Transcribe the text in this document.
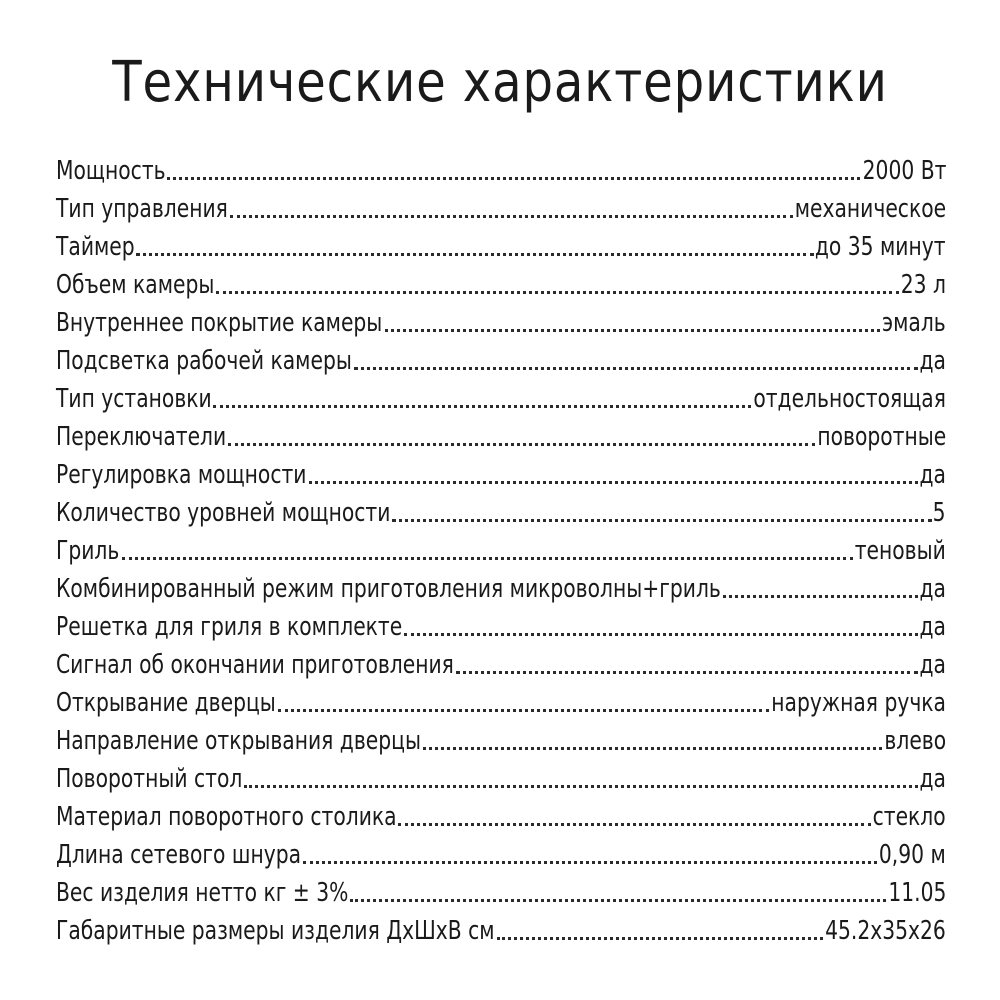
Технические характеристики
Мощность	2000 Вт
Тип управления	механическое
Таймер	до 35 минут
Объем камеры	23 л
Внутреннее покрытие камеры	эмаль
Подсветка рабочей камеры	да
Тип установки	отдельностоящая
Переключатели	поворотные
Регулировка мощности	да
Количество уровней мощности	5
Гриль	теновый
Комбинированный режим приготовления микроволны+гриль	да
Решетка для гриля в комплекте	да
Сигнал об окончании приготовления	да
Открывание дверцы	наружная ручка
Направление открывания дверцы	влево
Поворотный стол	да
Материал поворотного столика	стекло
Длина сетевого шнура	0,90 м
Вес изделия нетто кг ± 3%	11.05
Габаритные размеры изделия ДхШхВ см	45.2х35х26
